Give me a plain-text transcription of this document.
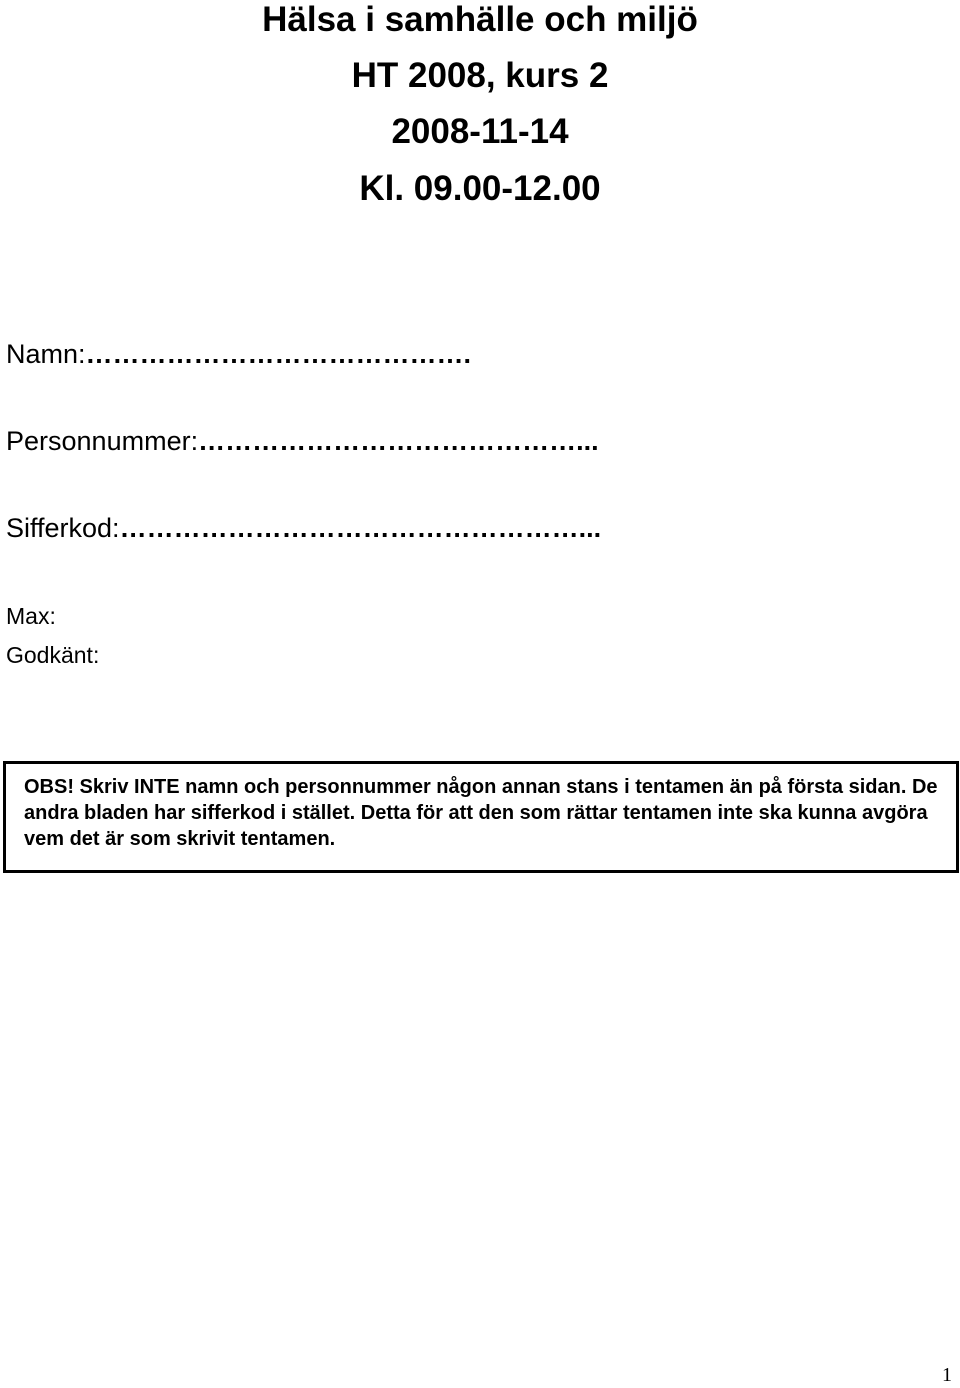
Hälsa i samhälle och miljö
HT 2008, kurs 2
2008-11-14
Kl. 09.00-12.00
Namn:…………………………………….
Personnummer:……………………………………...
Sifferkod:……………………………………………...
Max:
Godkänt:
OBS! Skriv INTE namn och personnummer någon annan stans i tentamen än på första sidan. De andra bladen har sifferkod i stället. Detta för att den som rättar tentamen inte ska kunna avgöra vem det är som skrivit tentamen.
1
